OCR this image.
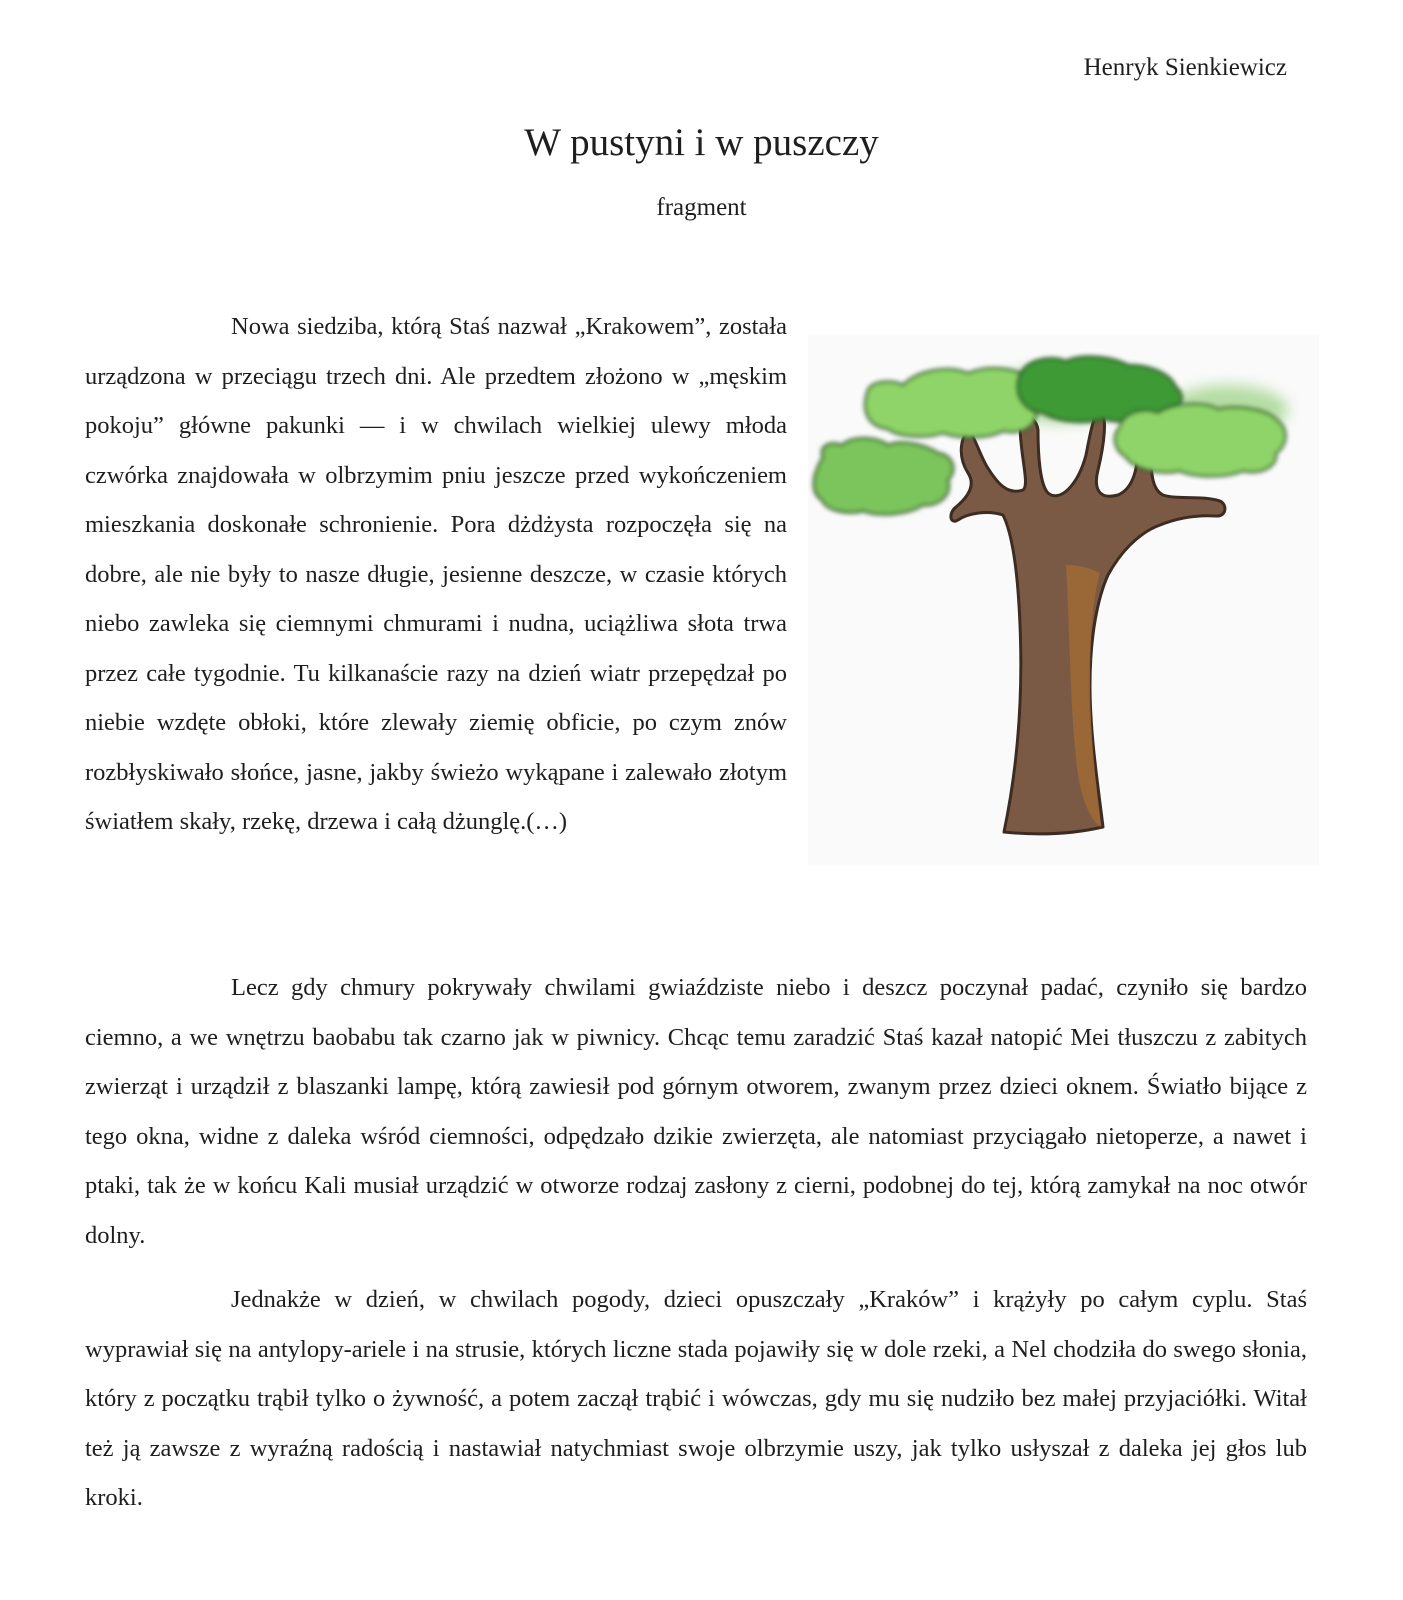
Henryk Sienkiewicz
W pustyni i w puszczy
fragment

Nowa siedziba, którą Staś nazwał „Krakowem”, została urządzona w przeciągu trzech dni. Ale przedtem złożono w „męskim pokoju” główne pakunki — i w chwilach wielkiej ulewy młoda czwórka znajdowała w olbrzymim pniu jeszcze przed wykończeniem mieszkania doskonałe schronienie. Pora dżdżysta rozpoczęła się na dobre, ale nie były to nasze długie, jesienne deszcze, w czasie których niebo zawleka się ciemnymi chmurami i nudna, uciążliwa słota trwa przez całe tygodnie. Tu kilkanaście razy na dzień wiatr przepędzał po niebie wzdęte obłoki, które zlewały ziemię obficie, po czym znów rozbłyskiwało słońce, jasne, jakby świeżo wykąpane i zalewało złotym światłem skały, rzekę, drzewa i całą dżunglę.(…)

Lecz gdy chmury pokrywały chwilami gwiaździste niebo i deszcz poczynał padać, czyniło się bardzo ciemno, a we wnętrzu baobabu tak czarno jak w piwnicy. Chcąc temu zaradzić Staś kazał natopić Mei tłuszczu z zabitych zwierząt i urządził z blaszanki lampę, którą zawiesił pod górnym otworem, zwanym przez dzieci oknem. Światło bijące z tego okna, widne z daleka wśród ciemności, odpędzało dzikie zwierzęta, ale natomiast przyciągało nietoperze, a nawet i ptaki, tak że w końcu Kali musiał urządzić w otworze rodzaj zasłony z cierni, podobnej do tej, którą zamykał na noc otwór dolny.

Jednakże w dzień, w chwilach pogody, dzieci opuszczały „Kraków” i krążyły po całym cyplu. Staś wyprawiał się na antylopy-ariele i na strusie, których liczne stada pojawiły się w dole rzeki, a Nel chodziła do swego słonia, który z początku trąbił tylko o żywność, a potem zaczął trąbić i wówczas, gdy mu się nudziło bez małej przyjaciółki. Witał też ją zawsze z wyraźną radością i nastawiał natychmiast swoje olbrzymie uszy, jak tylko usłyszał z daleka jej głos lub kroki.
